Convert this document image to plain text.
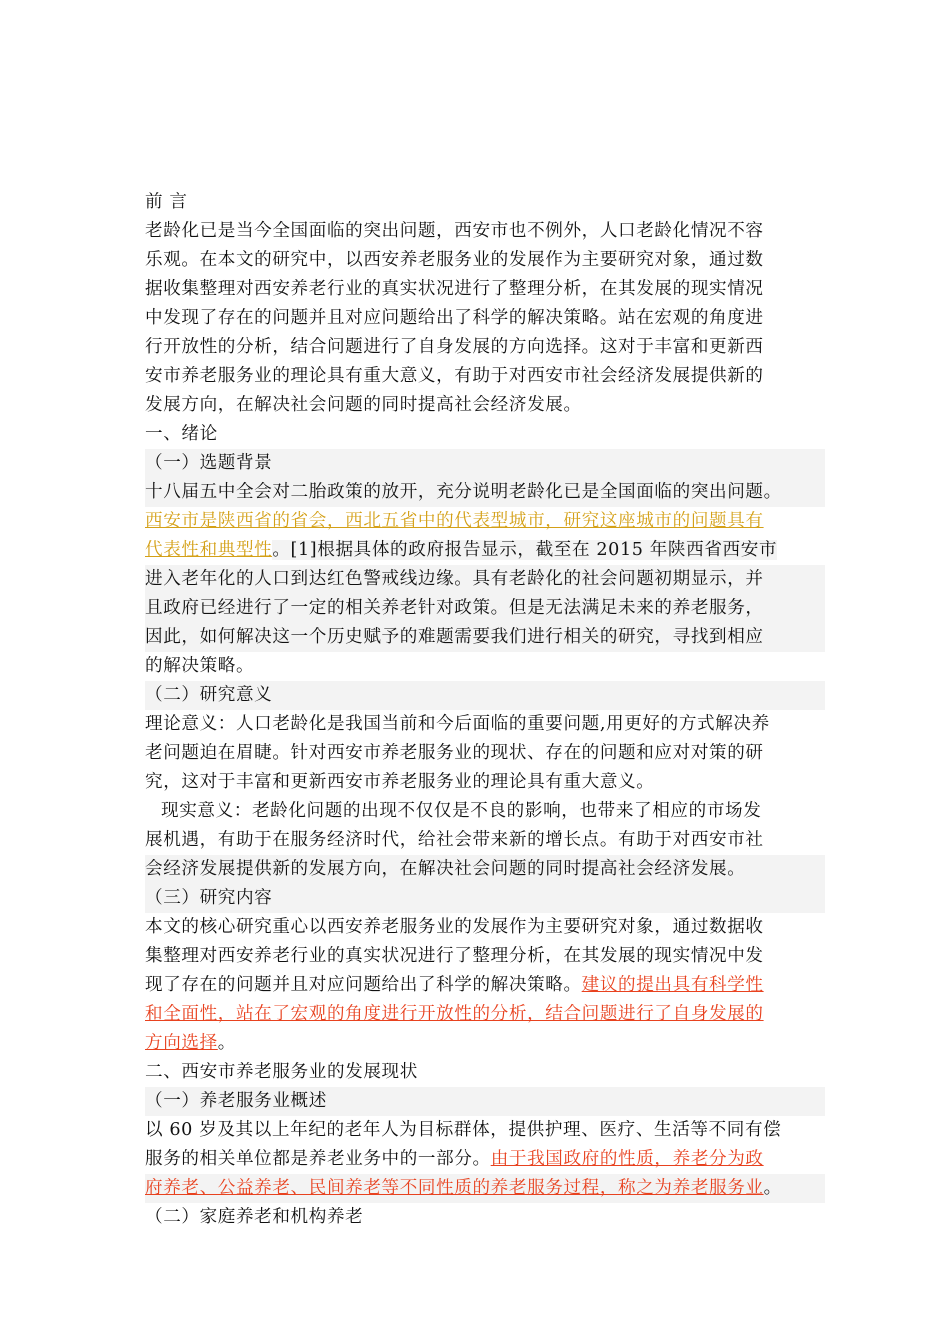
前 言
老龄化已是当今全国面临的突出问题，西安市也不例外，人口老龄化情况不容
乐观。在本文的研究中，以西安养老服务业的发展作为主要研究对象，通过数
据收集整理对西安养老行业的真实状况进行了整理分析，在其发展的现实情况
中发现了存在的问题并且对应问题给出了科学的解决策略。站在宏观的角度进
行开放性的分析，结合问题进行了自身发展的方向选择。这对于丰富和更新西
安市养老服务业的理论具有重大意义，有助于对西安市社会经济发展提供新的
发展方向，在解决社会问题的同时提高社会经济发展。
一、绪论
（一）选题背景
十八届五中全会对二胎政策的放开，充分说明老龄化已是全国面临的突出问题。
西安市是陕西省的省会，西北五省中的代表型城市，研究这座城市的问题具有
代表性和典型性。[1]根据具体的政府报告显示，截至在 2015 年陕西省西安市
进入老年化的人口到达红色警戒线边缘。具有老龄化的社会问题初期显示，并
且政府已经进行了一定的相关养老针对政策。但是无法满足未来的养老服务，
因此，如何解决这一个历史赋予的难题需要我们进行相关的研究，寻找到相应
的解决策略。
（二）研究意义
理论意义：人口老龄化是我国当前和今后面临的重要问题,用更好的方式解决养
老问题迫在眉睫。针对西安市养老服务业的现状、存在的问题和应对对策的研
究，这对于丰富和更新西安市养老服务业的理论具有重大意义。
现实意义：老龄化问题的出现不仅仅是不良的影响，也带来了相应的市场发
展机遇，有助于在服务经济时代，给社会带来新的增长点。有助于对西安市社
会经济发展提供新的发展方向，在解决社会问题的同时提高社会经济发展。
（三）研究内容
本文的核心研究重心以西安养老服务业的发展作为主要研究对象，通过数据收
集整理对西安养老行业的真实状况进行了整理分析，在其发展的现实情况中发
现了存在的问题并且对应问题给出了科学的解决策略。建议的提出具有科学性
和全面性，站在了宏观的角度进行开放性的分析，结合问题进行了自身发展的
方向选择。
二、西安市养老服务业的发展现状
（一）养老服务业概述
以 60 岁及其以上年纪的老年人为目标群体，提供护理、医疗、生活等不同有偿
服务的相关单位都是养老业务中的一部分。由于我国政府的性质，养老分为政
府养老、公益养老、民间养老等不同性质的养老服务过程，称之为养老服务业。
（二）家庭养老和机构养老
